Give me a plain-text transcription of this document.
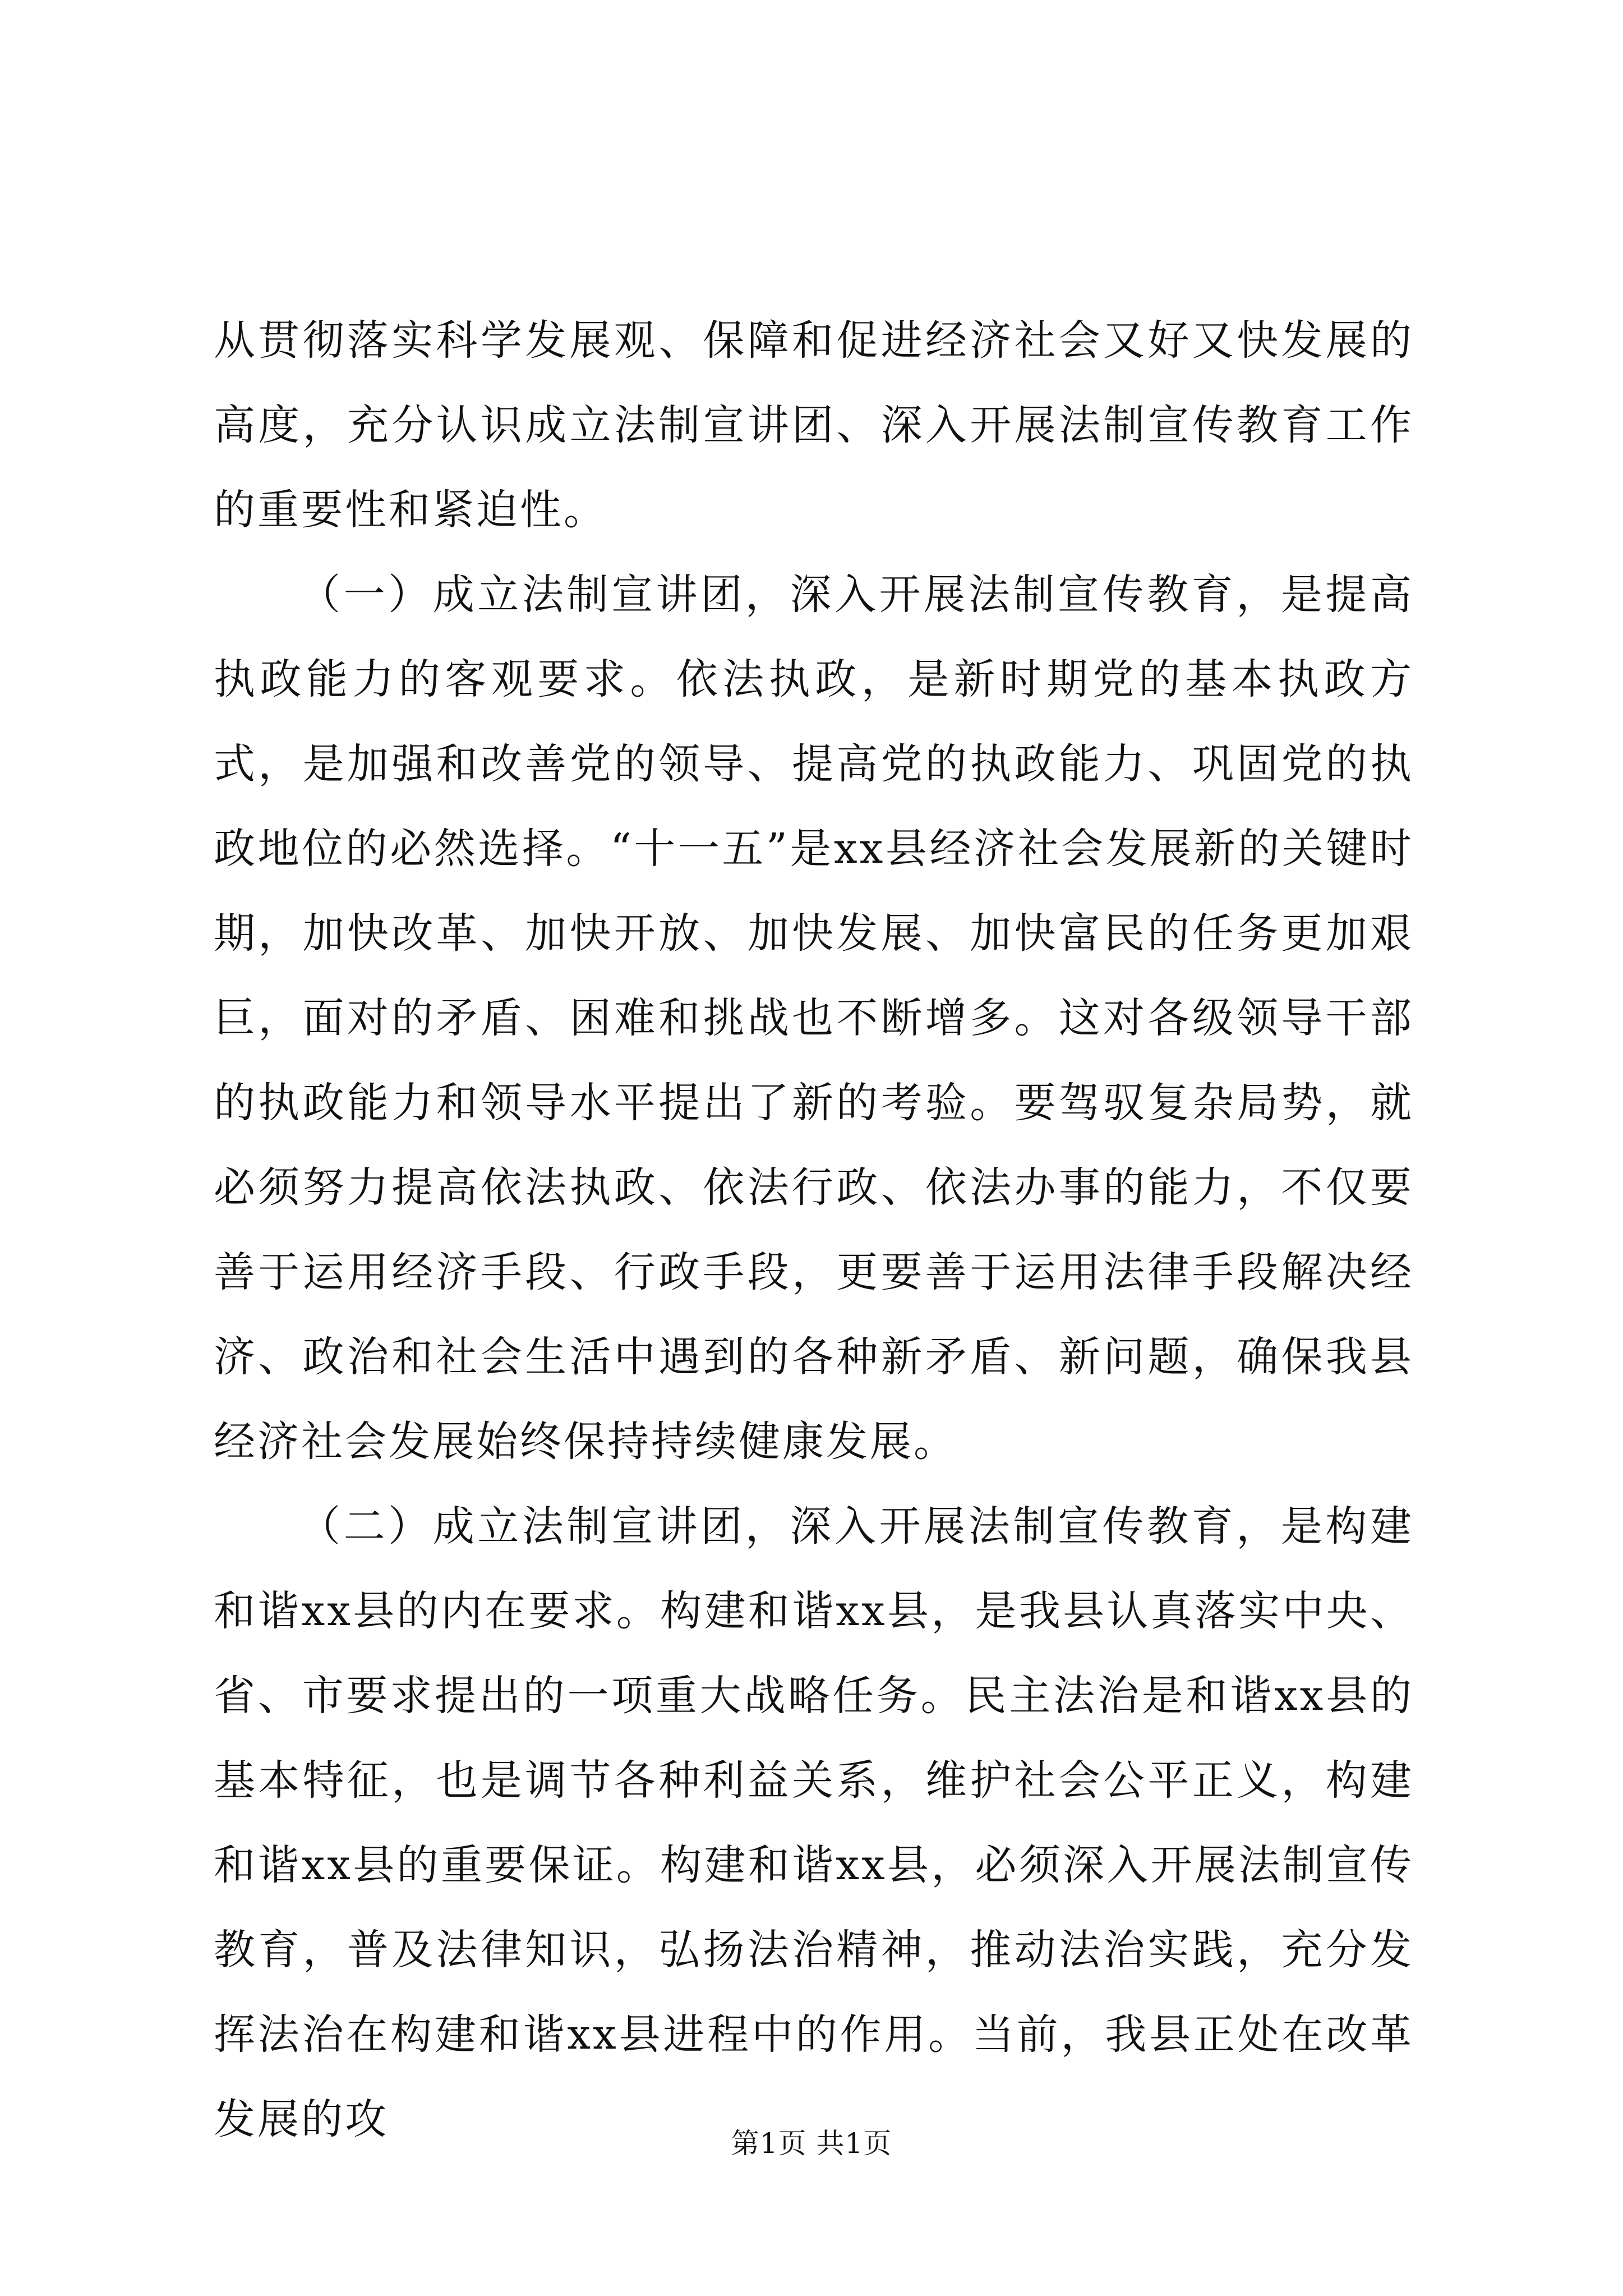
从贯彻落实科学发展观、保障和促进经济社会又好又快发展的高度，充分认识成立法制宣讲团、深入开展法制宣传教育工作的重要性和紧迫性。

（一）成立法制宣讲团，深入开展法制宣传教育，是提高执政能力的客观要求。依法执政，是新时期党的基本执政方式，是加强和改善党的领导、提高党的执政能力、巩固党的执政地位的必然选择。“十一五”是xx县经济社会发展新的关键时期，加快改革、加快开放、加快发展、加快富民的任务更加艰巨，面对的矛盾、困难和挑战也不断增多。这对各级领导干部的执政能力和领导水平提出了新的考验。要驾驭复杂局势，就必须努力提高依法执政、依法行政、依法办事的能力，不仅要善于运用经济手段、行政手段，更要善于运用法律手段解决经济、政治和社会生活中遇到的各种新矛盾、新问题，确保我县经济社会发展始终保持持续健康发展。

（二）成立法制宣讲团，深入开展法制宣传教育，是构建和谐xx县的内在要求。构建和谐xx县，是我县认真落实中央、省、市要求提出的一项重大战略任务。民主法治是和谐xx县的基本特征，也是调节各种利益关系，维护社会公平正义，构建和谐xx县的重要保证。构建和谐xx县，必须深入开展法制宣传教育，普及法律知识，弘扬法治精神，推动法治实践，充分发挥法治在构建和谐xx县进程中的作用。当前，我县正处在改革发展的攻	第1页 共1页
